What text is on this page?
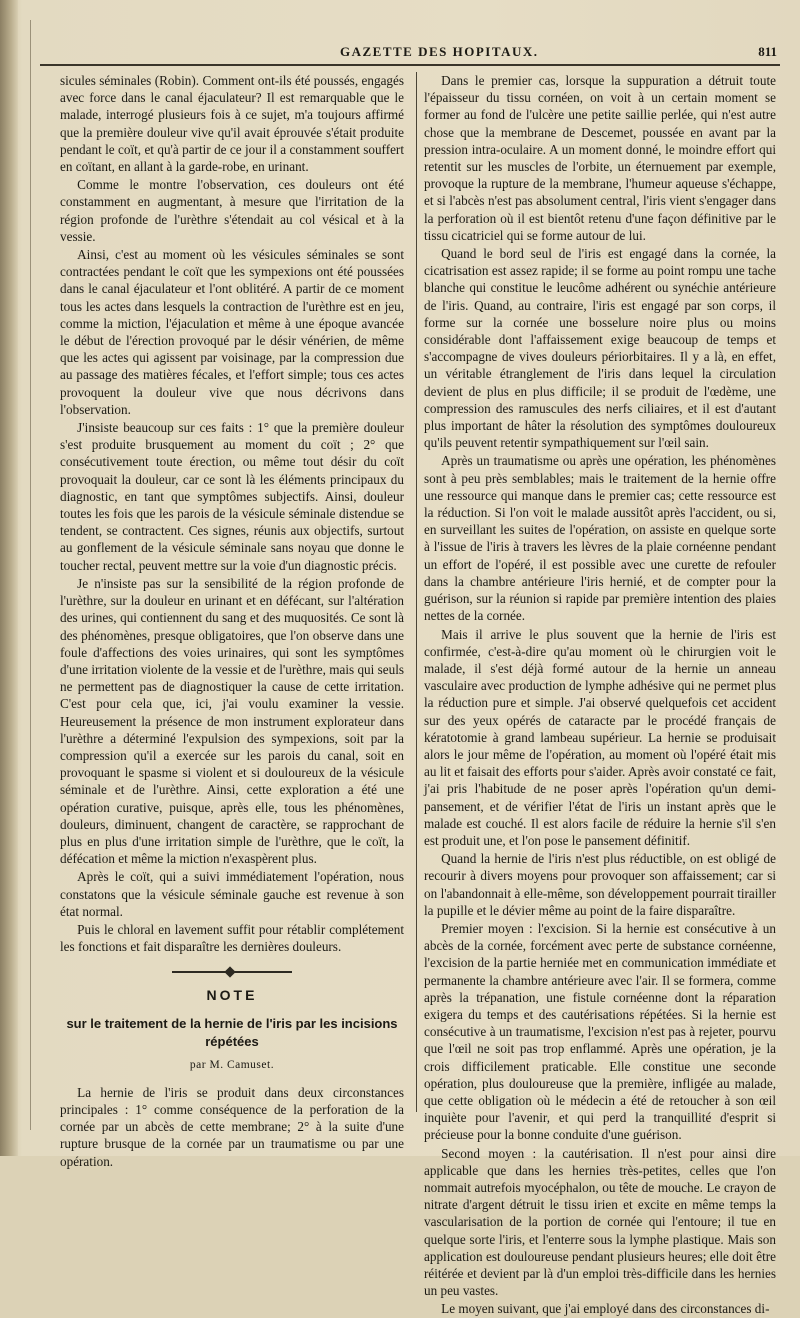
GAZETTE DES HOPITAUX.	811

sicules séminales (Robin). Comment ont-ils été poussés, engagés avec force dans le canal éjaculateur? Il est remarquable que le malade, interrogé plusieurs fois à ce sujet, m'a toujours affirmé que la première douleur vive qu'il avait éprouvée s'était produite pendant le coït, et qu'à partir de ce jour il a constamment souffert en coïtant, en allant à la garde-robe, en urinant.

Comme le montre l'observation, ces douleurs ont été constamment en augmentant, à mesure que l'irritation de la région profonde de l'urèthre s'étendait au col vésical et à la vessie.

Ainsi, c'est au moment où les vésicules séminales se sont contractées pendant le coït que les sympexions ont été poussées dans le canal éjaculateur et l'ont oblitéré. A partir de ce moment tous les actes dans lesquels la contraction de l'urèthre est en jeu, comme la miction, l'éjaculation et même à une époque avancée le début de l'érection provoqué par le désir vénérien, de même que les actes qui agissent par voisinage, par la compression due au passage des matières fécales, et l'effort simple; tous ces actes provoquent la douleur vive que nous décrivons dans l'observation.

J'insiste beaucoup sur ces faits : 1° que la première douleur s'est produite brusquement au moment du coït ; 2° que consécutivement toute érection, ou même tout désir du coït provoquait la douleur, car ce sont là les éléments principaux du diagnostic, en tant que symptômes subjectifs. Ainsi, douleur toutes les fois que les parois de la vésicule séminale distendue se tendent, se contractent. Ces signes, réunis aux objectifs, surtout au gonflement de la vésicule séminale sans noyau que donne le toucher rectal, peuvent mettre sur la voie d'un diagnostic précis.

Je n'insiste pas sur la sensibilité de la région profonde de l'urèthre, sur la douleur en urinant et en défécant, sur l'altération des urines, qui contiennent du sang et des muquosités. Ce sont là des phénomènes, presque obligatoires, que l'on observe dans une foule d'affections des voies urinaires, qui sont les symptômes d'une irritation violente de la vessie et de l'urèthre, mais qui seuls ne permettent pas de diagnostiquer la cause de cette irritation. C'est pour cela que, ici, j'ai voulu examiner la vessie. Heureusement la présence de mon instrument explorateur dans l'urèthre a déterminé l'expulsion des sympexions, soit par la compression qu'il a exercée sur les parois du canal, soit en provoquant le spasme si violent et si douloureux de la vésicule séminale et de l'urèthre. Ainsi, cette exploration a été une opération curative, puisque, après elle, tous les phénomènes, douleurs, diminuent, changent de caractère, se rapprochant de plus en plus d'une irritation simple de l'urèthre, que le coït, la défécation et même la miction n'exaspèrent plus.

Après le coït, qui a suivi immédiatement l'opération, nous constatons que la vésicule séminale gauche est revenue à son état normal.

Puis le chloral en lavement suffit pour rétablir complétement les fonctions et fait disparaître les dernières douleurs.

NOTE
sur le traitement de la hernie de l'iris par les incisions répétées
par M. Camuset.

La hernie de l'iris se produit dans deux circonstances principales : 1° comme conséquence de la perforation de la cornée par un abcès de cette membrane; 2° à la suite d'une rupture brusque de la cornée par un traumatisme ou par une opération.

Dans le premier cas, lorsque la suppuration a détruit toute l'épaisseur du tissu cornéen, on voit à un certain moment se former au fond de l'ulcère une petite saillie perlée, qui n'est autre chose que la membrane de Descemet, poussée en avant par la pression intra-oculaire. A un moment donné, le moindre effort qui retentit sur les muscles de l'orbite, un éternuement par exemple, provoque la rupture de la membrane, l'humeur aqueuse s'échappe, et si l'abcès n'est pas absolument central, l'iris vient s'engager dans la perforation où il est bientôt retenu d'une façon définitive par le tissu cicatriciel qui se forme autour de lui.

Quand le bord seul de l'iris est engagé dans la cornée, la cicatrisation est assez rapide; il se forme au point rompu une tache blanche qui constitue le leucôme adhérent ou synéchie antérieure de l'iris. Quand, au contraire, l'iris est engagé par son corps, il forme sur la cornée une bosselure noire plus ou moins considérable dont l'affaissement exige beaucoup de temps et s'accompagne de vives douleurs périorbitaires. Il y a là, en effet, un véritable étranglement de l'iris dans lequel la circulation devient de plus en plus difficile; il se produit de l'œdème, une compression des ramuscules des nerfs ciliaires, et il est d'autant plus important de hâter la résolution des symptômes douloureux qu'ils peuvent retentir sympathiquement sur l'œil sain.

Après un traumatisme ou après une opération, les phénomènes sont à peu près semblables; mais le traitement de la hernie offre une ressource qui manque dans le premier cas; cette ressource est la réduction. Si l'on voit le malade aussitôt après l'accident, ou si, en surveillant les suites de l'opération, on assiste en quelque sorte à l'issue de l'iris à travers les lèvres de la plaie cornéenne pendant un effort de l'opéré, il est possible avec une curette de refouler dans la chambre antérieure l'iris hernié, et de compter pour la guérison, sur la réunion si rapide par première intention des plaies nettes de la cornée.

Mais il arrive le plus souvent que la hernie de l'iris est confirmée, c'est-à-dire qu'au moment où le chirurgien voit le malade, il s'est déjà formé autour de la hernie un anneau vasculaire avec production de lymphe adhésive qui ne permet plus la réduction pure et simple. J'ai observé quelquefois cet accident sur des yeux opérés de cataracte par le procédé français de kératotomie à grand lambeau supérieur. La hernie se produisait alors le jour même de l'opération, au moment où l'opéré était mis au lit et faisait des efforts pour s'aider. Après avoir constaté ce fait, j'ai pris l'habitude de ne poser après l'opération qu'un demi-pansement, et de vérifier l'état de l'iris un instant après que le malade est couché. Il est alors facile de réduire la hernie s'il s'en est produit une, et l'on pose le pansement définitif.

Quand la hernie de l'iris n'est plus réductible, on est obligé de recourir à divers moyens pour provoquer son affaissement; car si on l'abandonnait à elle-même, son développement pourrait tirailler la pupille et le dévier même au point de la faire disparaître.

Premier moyen : l'excision. Si la hernie est consécutive à un abcès de la cornée, forcément avec perte de substance cornéenne, l'excision de la partie herniée met en communication immédiate et permanente la chambre antérieure avec l'air. Il se formera, comme après la trépanation, une fistule cornéenne dont la réparation exigera du temps et des cautérisations répétées. Si la hernie est consécutive à un traumatisme, l'excision n'est pas à rejeter, pourvu que l'œil ne soit pas trop enflammé. Après une opération, je la crois difficilement praticable. Elle constitue une seconde opération, plus douloureuse que la première, infligée au malade, que cette obligation où le médecin a été de retoucher à son œil inquiète pour l'avenir, et qui perd la tranquillité d'esprit si précieuse pour la bonne conduite d'une guérison.

Second moyen : la cautérisation. Il n'est pour ainsi dire applicable que dans les hernies très-petites, celles que l'on nommait autrefois myocéphalon, ou tête de mouche. Le crayon de nitrate d'argent détruit le tissu irien et excite en même temps la vascularisation de la portion de cornée qui l'entoure; il tue en quelque sorte l'iris, et l'enterre sous la lymphe plastique. Mais son application est douloureuse pendant plusieurs heures; elle doit être réitérée et devient par là d'un emploi très-difficile dans les hernies un peu vastes.

Le moyen suivant, que j'ai employé dans des circonstances di-
